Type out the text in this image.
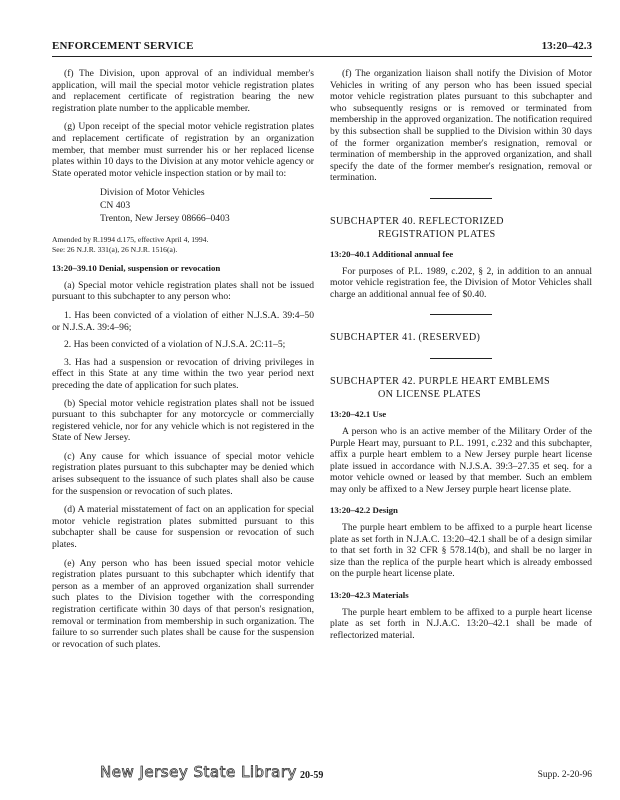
ENFORCEMENT SERVICE	13:20–42.3

(f) The Division, upon approval of an individual member's application, will mail the special motor vehicle registration plates and replacement certificate of registration bearing the new registration plate number to the applicable member.

(g) Upon receipt of the special motor vehicle registration plates and replacement certificate of registration by an organization member, that member must surrender his or her replaced license plates within 10 days to the Division at any motor vehicle agency or State operated motor vehicle inspection station or by mail to:

Division of Motor Vehicles

CN 403

Trenton, New Jersey 08666–0403

Amended by R.1994 d.175, effective April 4, 1994.
See: 26 N.J.R. 331(a), 26 N.J.R. 1516(a).

13:20–39.10 Denial, suspension or revocation

(a) Special motor vehicle registration plates shall not be issued pursuant to this subchapter to any person who:

1. Has been convicted of a violation of either N.J.S.A. 39:4–50 or N.J.S.A. 39:4–96;

2. Has been convicted of a violation of N.J.S.A. 2C:11–5;

3. Has had a suspension or revocation of driving privileges in effect in this State at any time within the two year period next preceding the date of application for such plates.

(b) Special motor vehicle registration plates shall not be issued pursuant to this subchapter for any motorcycle or commercially registered vehicle, nor for any vehicle which is not registered in the State of New Jersey.

(c) Any cause for which issuance of special motor vehicle registration plates pursuant to this subchapter may be denied which arises subsequent to the issuance of such plates shall also be cause for the suspension or revocation of such plates.

(d) A material misstatement of fact on an application for special motor vehicle registration plates submitted pursuant to this subchapter shall be cause for suspension or revocation of such plates.

(e) Any person who has been issued special motor vehicle registration plates pursuant to this subchapter which identify that person as a member of an approved organization shall surrender such plates to the Division together with the corresponding registration certificate within 30 days of that person's resignation, removal or termination from membership in such organization. The failure to so surrender such plates shall be cause for the suspension or revocation of such plates.

(f) The organization liaison shall notify the Division of Motor Vehicles in writing of any person who has been issued special motor vehicle registration plates pursuant to this subchapter and who subsequently resigns or is removed or terminated from membership in the approved organization. The notification required by this subsection shall be supplied to the Division within 30 days of the former organization member's resignation, removal or termination of membership in the approved organization, and shall specify the date of the former member's resignation, removal or termination.

SUBCHAPTER 40. REFLECTORIZED
REGISTRATION PLATES

13:20–40.1 Additional annual fee

For purposes of P.L. 1989, c.202, § 2, in addition to an annual motor vehicle registration fee, the Division of Motor Vehicles shall charge an additional annual fee of $0.40.

SUBCHAPTER 41. (RESERVED)

SUBCHAPTER 42. PURPLE HEART EMBLEMS
ON LICENSE PLATES

13:20–42.1 Use

A person who is an active member of the Military Order of the Purple Heart may, pursuant to P.L. 1991, c.232 and this subchapter, affix a purple heart emblem to a New Jersey purple heart license plate issued in accordance with N.J.S.A. 39:3–27.35 et seq. for a motor vehicle owned or leased by that member. Such an emblem may only be affixed to a New Jersey purple heart license plate.

13:20–42.2 Design

The purple heart emblem to be affixed to a purple heart license plate as set forth in N.J.A.C. 13:20–42.1 shall be of a design similar to that set forth in 32 CFR § 578.14(b), and shall be no larger in size than the replica of the purple heart which is already embossed on the purple heart license plate.

13:20–42.3 Materials

The purple heart emblem to be affixed to a purple heart license plate as set forth in N.J.A.C. 13:20–42.1 shall be made of reflectorized material.

New Jersey State Library 20-59	Supp. 2-20-96
